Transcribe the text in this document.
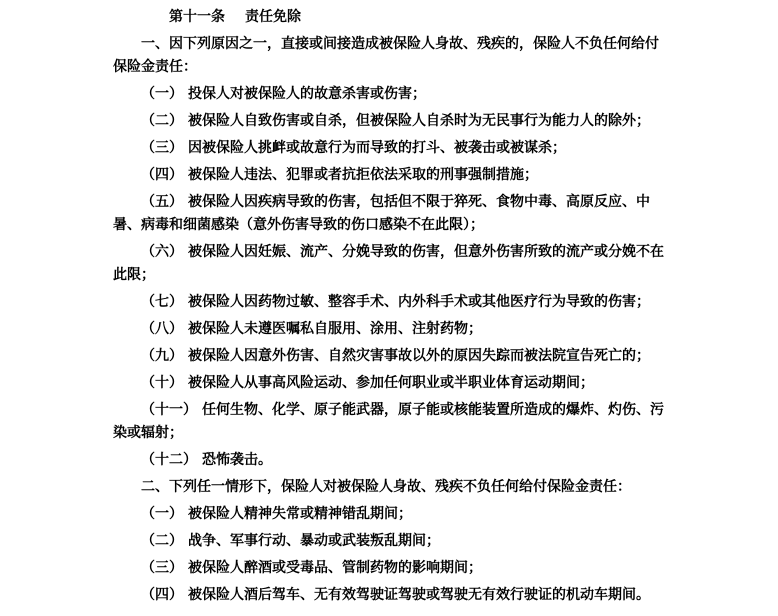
第十一条 责任免除

一、因下列原因之一，直接或间接造成被保险人身故、残疾的，保险人不负任何给付保险金责任：

（一） 投保人对被保险人的故意杀害或伤害；

（二） 被保险人自致伤害或自杀，但被保险人自杀时为无民事行为能力人的除外；

（三） 因被保险人挑衅或故意行为而导致的打斗、被袭击或被谋杀；

（四） 被保险人违法、犯罪或者抗拒依法采取的刑事强制措施；

（五） 被保险人因疾病导致的伤害，包括但不限于猝死、食物中毒、高原反应、中暑、病毒和细菌感染（意外伤害导致的伤口感染不在此限）；

（六） 被保险人因妊娠、流产、分娩导致的伤害，但意外伤害所致的流产或分娩不在此限；

（七） 被保险人因药物过敏、整容手术、内外科手术或其他医疗行为导致的伤害；

（八） 被保险人未遵医嘱私自服用、涂用、注射药物；

（九） 被保险人因意外伤害、自然灾害事故以外的原因失踪而被法院宣告死亡的；

（十） 被保险人从事高风险运动、参加任何职业或半职业体育运动期间；

（十一） 任何生物、化学、原子能武器，原子能或核能装置所造成的爆炸、灼伤、污染或辐射；

（十二） 恐怖袭击。

二、下列任一情形下，保险人对被保险人身故、残疾不负任何给付保险金责任：

（一） 被保险人精神失常或精神错乱期间；

（二） 战争、军事行动、暴动或武装叛乱期间；

（三） 被保险人醉酒或受毒品、管制药物的影响期间；

（四） 被保险人酒后驾车、无有效驾驶证驾驶或驾驶无有效行驶证的机动车期间。
